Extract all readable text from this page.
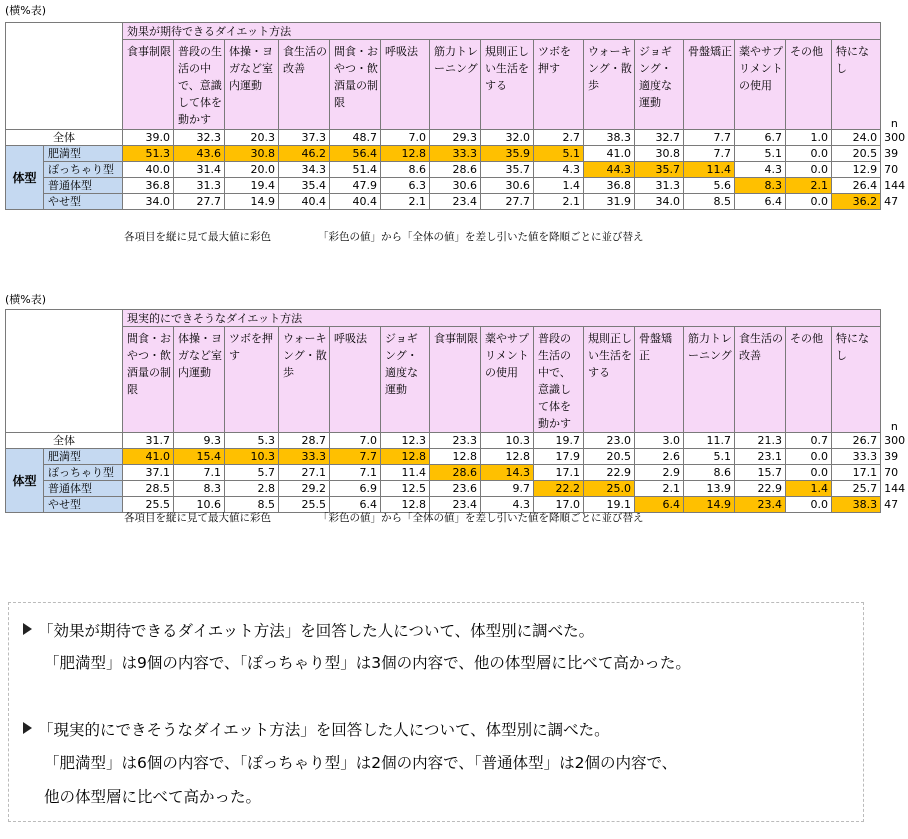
(横%表)
		効果が期待できるダイエット方法															n
		食事制限	普段の生活の中で、意識して体を動かす	体操・ヨガなど室内運動	食生活の改善	間食・おやつ・飲酒量の制限	呼吸法	筋力トレーニング	規則正しい生活をする	ツボを押す	ウォーキング・散歩	ジョギング・適度な運動	骨盤矯正	薬やサプリメントの使用	その他	特になし	
全体		39.0	32.3	20.3	37.3	48.7	7.0	29.3	32.0	2.7	38.3	32.7	7.7	6.7	1.0	24.0	300
体型	肥満型	51.3	43.6	30.8	46.2	56.4	12.8	33.3	35.9	5.1	41.0	30.8	7.7	5.1	0.0	20.5	39
	ぽっちゃり型	40.0	31.4	20.0	34.3	51.4	8.6	28.6	35.7	4.3	44.3	35.7	11.4	4.3	0.0	12.9	70
	普通体型	36.8	31.3	19.4	35.4	47.9	6.3	30.6	30.6	1.4	36.8	31.3	5.6	8.3	2.1	26.4	144
	やせ型	34.0	27.7	14.9	40.4	40.4	2.1	23.4	27.7	2.1	31.9	34.0	8.5	6.4	0.0	36.2	47
各項目を縦に見て最大値に彩色	「彩色の値」から「全体の値」を差し引いた値を降順ごとに並び替え
(横%表)
		現実的にできそうなダイエット方法															n
		間食・おやつ・飲酒量の制限	体操・ヨガなど室内運動	ツボを押す	ウォーキング・散歩	呼吸法	ジョギング・適度な運動	食事制限	薬やサプリメントの使用	普段の生活の中で、意識して体を動かす	規則正しい生活をする	骨盤矯正	筋力トレーニング	食生活の改善	その他	特になし	
全体		31.7	9.3	5.3	28.7	7.0	12.3	23.3	10.3	19.7	23.0	3.0	11.7	21.3	0.7	26.7	300
体型	肥満型	41.0	15.4	10.3	33.3	7.7	12.8	12.8	12.8	17.9	20.5	2.6	5.1	23.1	0.0	33.3	39
	ぽっちゃり型	37.1	7.1	5.7	27.1	7.1	11.4	28.6	14.3	17.1	22.9	2.9	8.6	15.7	0.0	17.1	70
	普通体型	28.5	8.3	2.8	29.2	6.9	12.5	23.6	9.7	22.2	25.0	2.1	13.9	22.9	1.4	25.7	144
	やせ型	25.5	10.6	8.5	25.5	6.4	12.8	23.4	4.3	17.0	19.1	6.4	14.9	23.4	0.0	38.3	47
各項目を縦に見て最大値に彩色	「彩色の値」から「全体の値」を差し引いた値を降順ごとに並び替え
「効果が期待できるダイエット方法」を回答した人について、体型別に調べた。
「肥満型」は9個の内容で、「ぽっちゃり型」は3個の内容で、他の体型層に比べて高かった。
「現実的にできそうなダイエット方法」を回答した人について、体型別に調べた。
「肥満型」は6個の内容で、「ぽっちゃり型」は2個の内容で、「普通体型」は2個の内容で、
他の体型層に比べて高かった。
